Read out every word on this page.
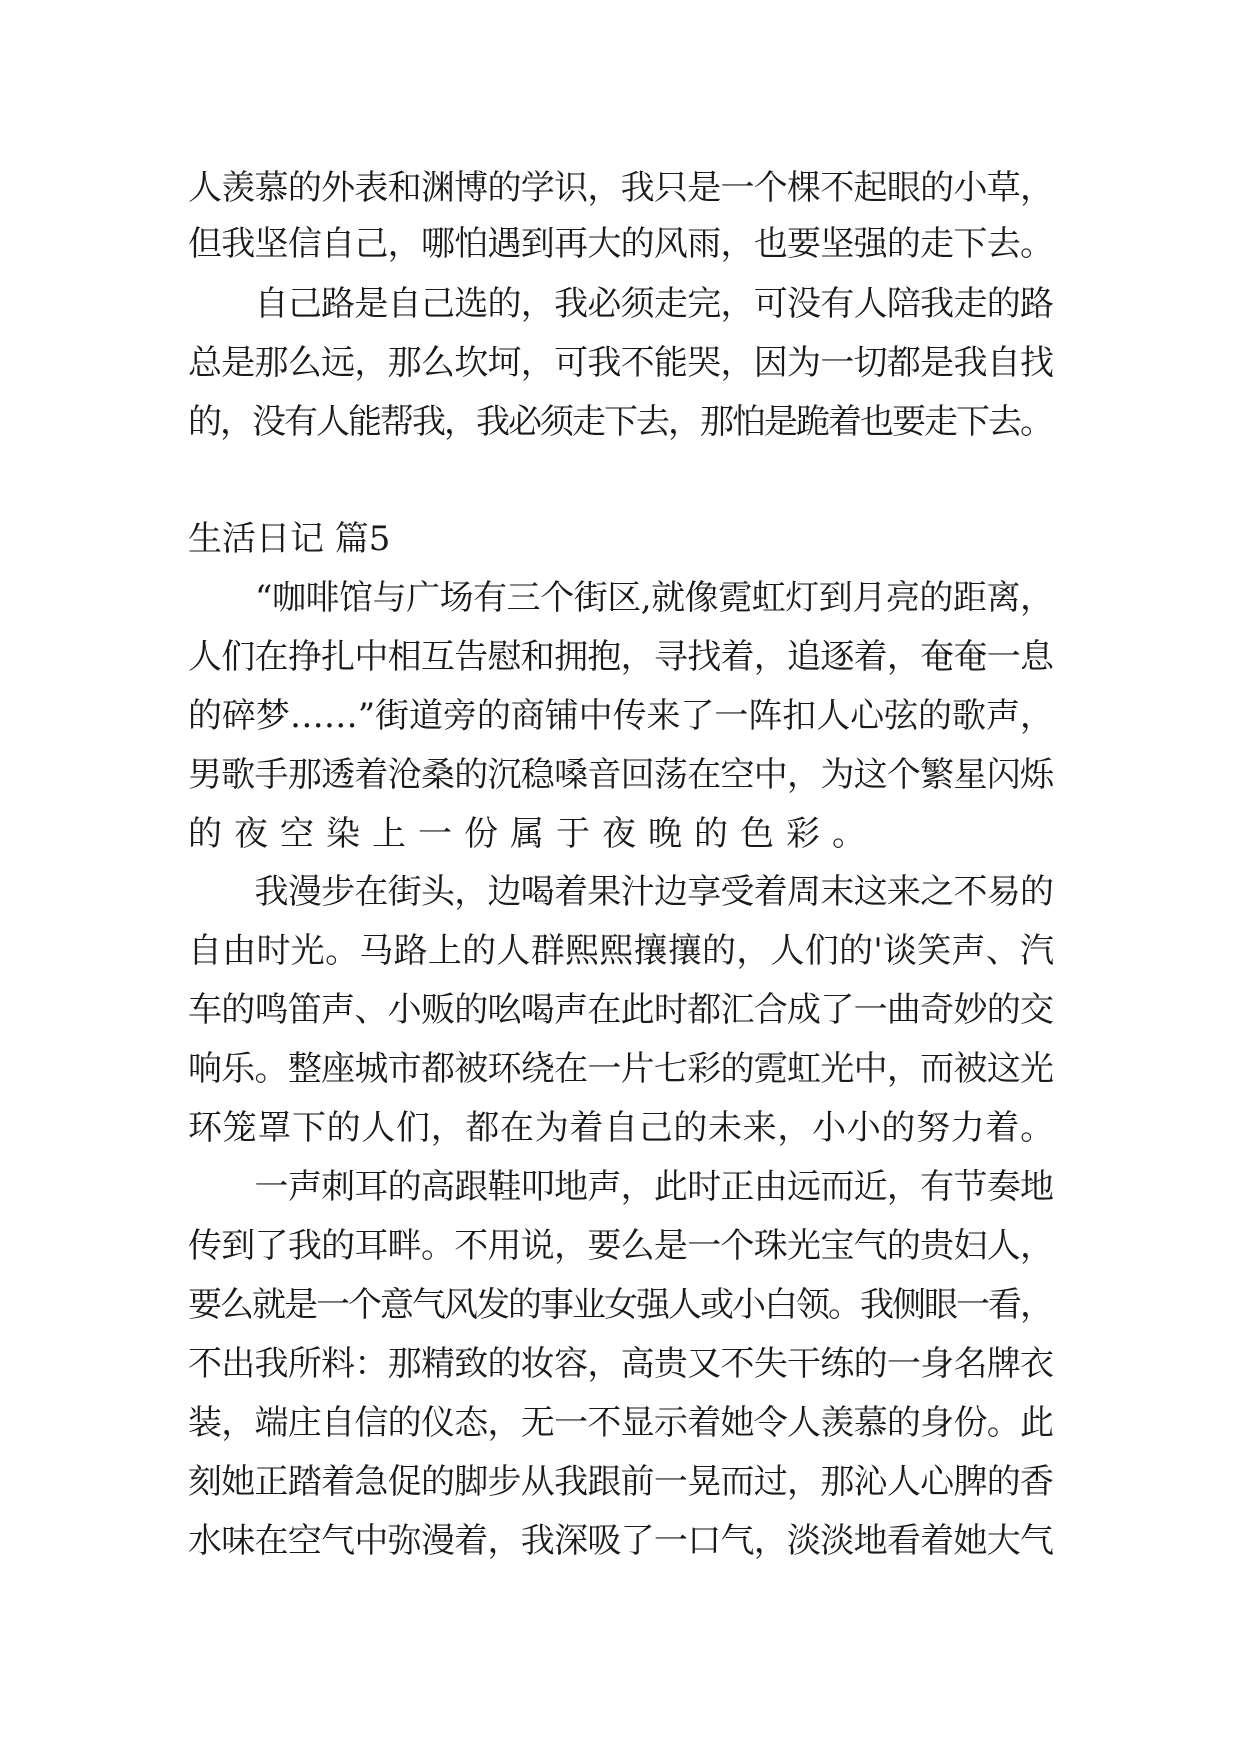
人羡慕的外表和渊博的学识，我只是一个棵不起眼的小草，

但我坚信自己，哪怕遇到再大的风雨，也要坚强的走下去。

　　自己路是自己选的，我必须走完，可没有人陪我走的路

总是那么远，那么坎坷，可我不能哭，因为一切都是我自找

的，没有人能帮我，我必须走下去，那怕是跪着也要走下去。

生活日记 篇5

　　“咖啡馆与广场有三个街区,就像霓虹灯到月亮的距离，

人们在挣扎中相互告慰和拥抱，寻找着，追逐着，奄奄一息

的碎梦……”街道旁的商铺中传来了一阵扣人心弦的歌声，

男歌手那透着沧桑的沉稳嗓音回荡在空中，为这个繁星闪烁

的夜空染上一份属于夜晚的色彩。

　　我漫步在街头，边喝着果汁边享受着周末这来之不易的

自由时光。马路上的人群熙熙攘攘的，人们的'谈笑声、汽

车的鸣笛声、小贩的吆喝声在此时都汇合成了一曲奇妙的交

响乐。整座城市都被环绕在一片七彩的霓虹光中，而被这光

环笼罩下的人们，都在为着自己的未来，小小的努力着。

　　一声刺耳的高跟鞋叩地声，此时正由远而近，有节奏地

传到了我的耳畔。不用说，要么是一个珠光宝气的贵妇人，

要么就是一个意气风发的事业女强人或小白领。我侧眼一看，

不出我所料：那精致的妆容，高贵又不失干练的一身名牌衣

装，端庄自信的仪态，无一不显示着她令人羡慕的身份。此

刻她正踏着急促的脚步从我跟前一晃而过，那沁人心脾的香

水味在空气中弥漫着，我深吸了一口气，淡淡地看着她大气
